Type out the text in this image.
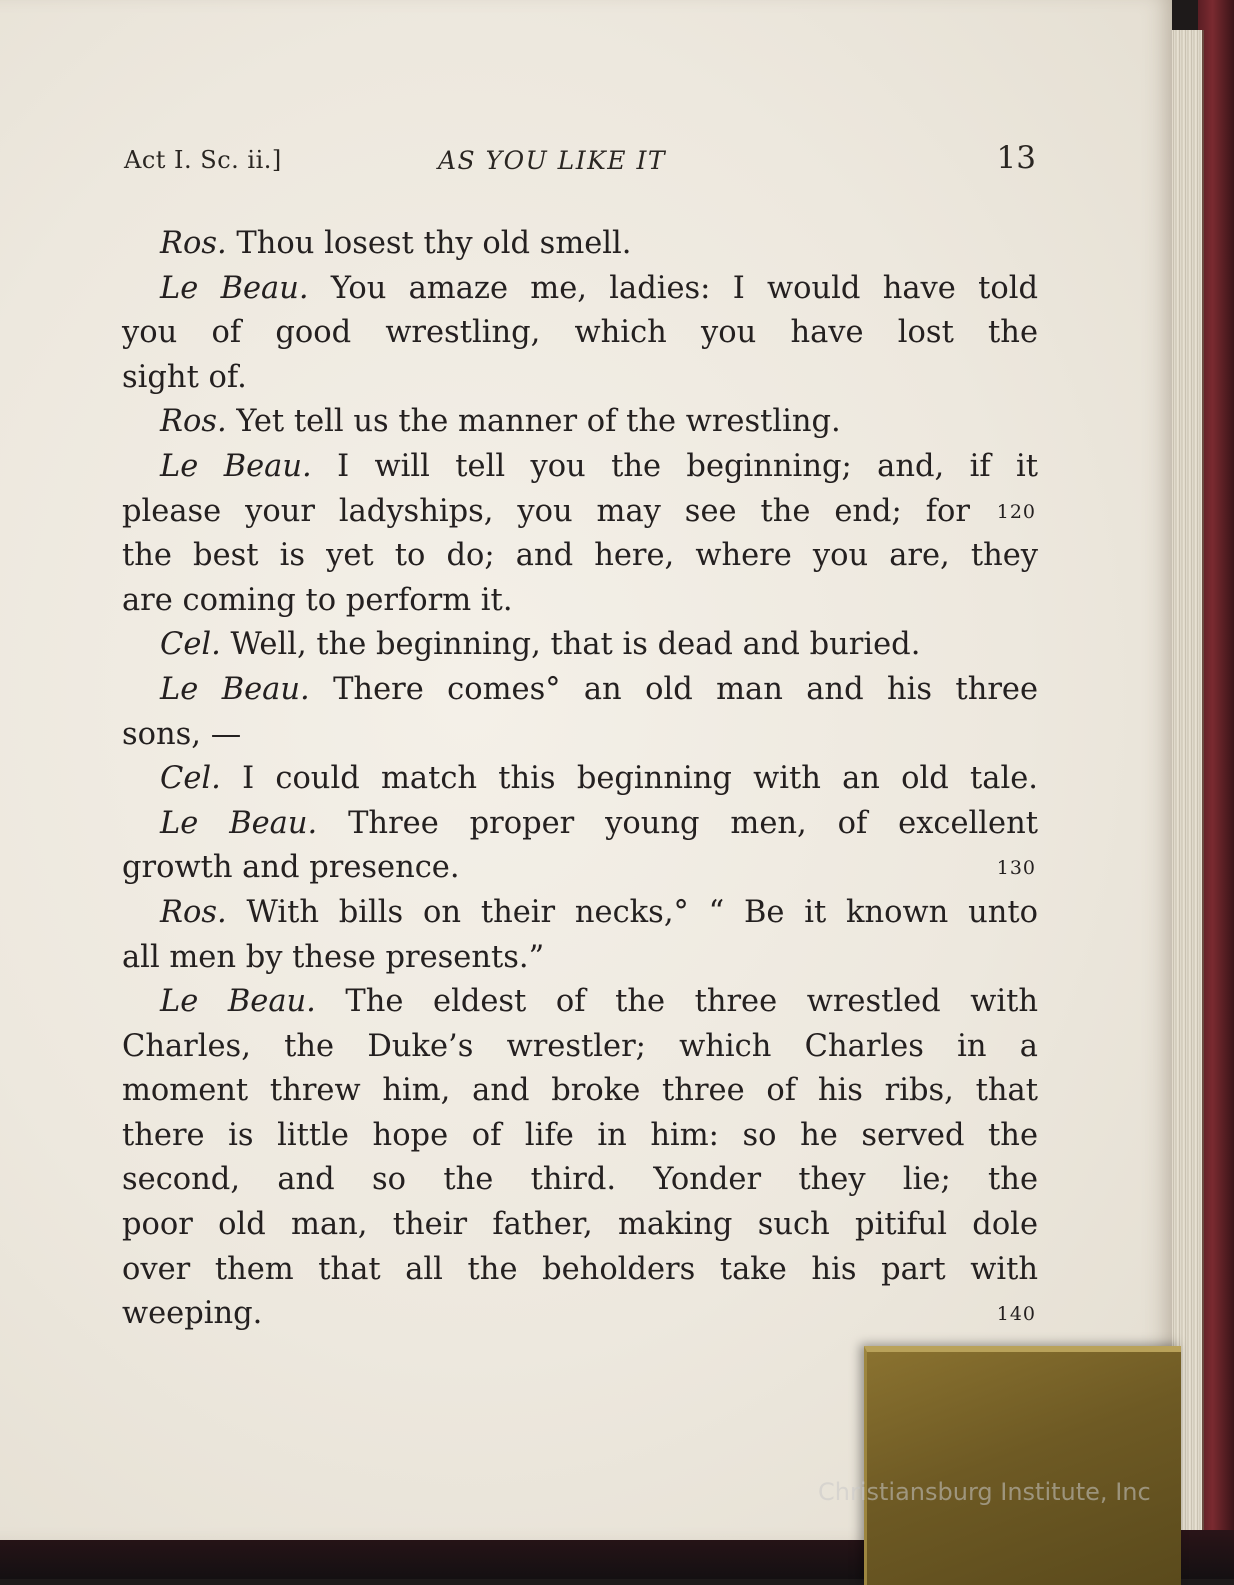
Act I. Sc. ii.]	AS YOU LIKE IT	13
Ros. Thou losest thy old smell.
Le Beau. You amaze me, ladies: I would have told
you of good wrestling, which you have lost the
sight of.
Ros. Yet tell us the manner of the wrestling.
Le Beau. I will tell you the beginning; and, if it
please your ladyships, you may see the end; for 120
the best is yet to do; and here, where you are, they
are coming to perform it.
Cel. Well, the beginning, that is dead and buried.
Le Beau. There comes° an old man and his three
sons, —
Cel. I could match this beginning with an old tale.
Le Beau. Three proper young men, of excellent
growth and presence.	130
Ros. With bills on their necks,° “ Be it known unto
all men by these presents.”
Le Beau. The eldest of the three wrestled with
Charles, the Duke’s wrestler; which Charles in a
moment threw him, and broke three of his ribs, that
there is little hope of life in him: so he served the
second, and so the third. Yonder they lie; the
poor old man, their father, making such pitiful dole
over them that all the beholders take his part with
weeping.	140
Christiansburg Institute, Inc
